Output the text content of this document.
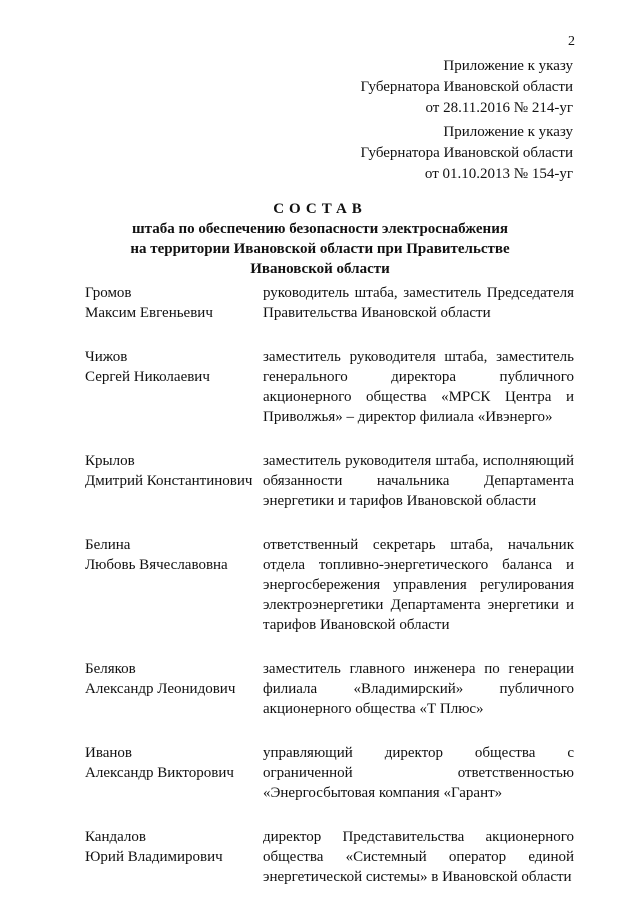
2
Приложение к указу
Губернатора Ивановской области
от 28.11.2016 № 214-уг
Приложение к указу
Губернатора Ивановской области
от 01.10.2013 № 154-уг
СОСТАВ
штаба по обеспечению безопасности электроснабжения
на территории Ивановской области при Правительстве
Ивановской области
Громов
Максим Евгеньевич
руководитель штаба, заместитель Председателя Правительства Ивановской области
Чижов
Сергей Николаевич
заместитель руководителя штаба, заместитель генерального директора публичного акционерного общества «МРСК Центра и Приволжья» – директор филиала «Ивэнерго»
Крылов
Дмитрий Константинович
заместитель руководителя штаба, исполняющий обязанности начальника Департамента энергетики и тарифов Ивановской области
Белина
Любовь Вячеславовна
ответственный секретарь штаба, начальник отдела топливно-энергетического баланса и энергосбережения управления регулирования электроэнергетики Департамента энергетики и тарифов Ивановской области
Беляков
Александр Леонидович
заместитель главного инженера по генерации филиала «Владимирский» публичного акционерного общества «Т Плюс»
Иванов
Александр Викторович
управляющий директор общества с ограниченной ответственностью «Энергосбытовая компания «Гарант»
Кандалов
Юрий Владимирович
директор Представительства акционерного общества «Системный оператор единой энергетической системы» в Ивановской области
